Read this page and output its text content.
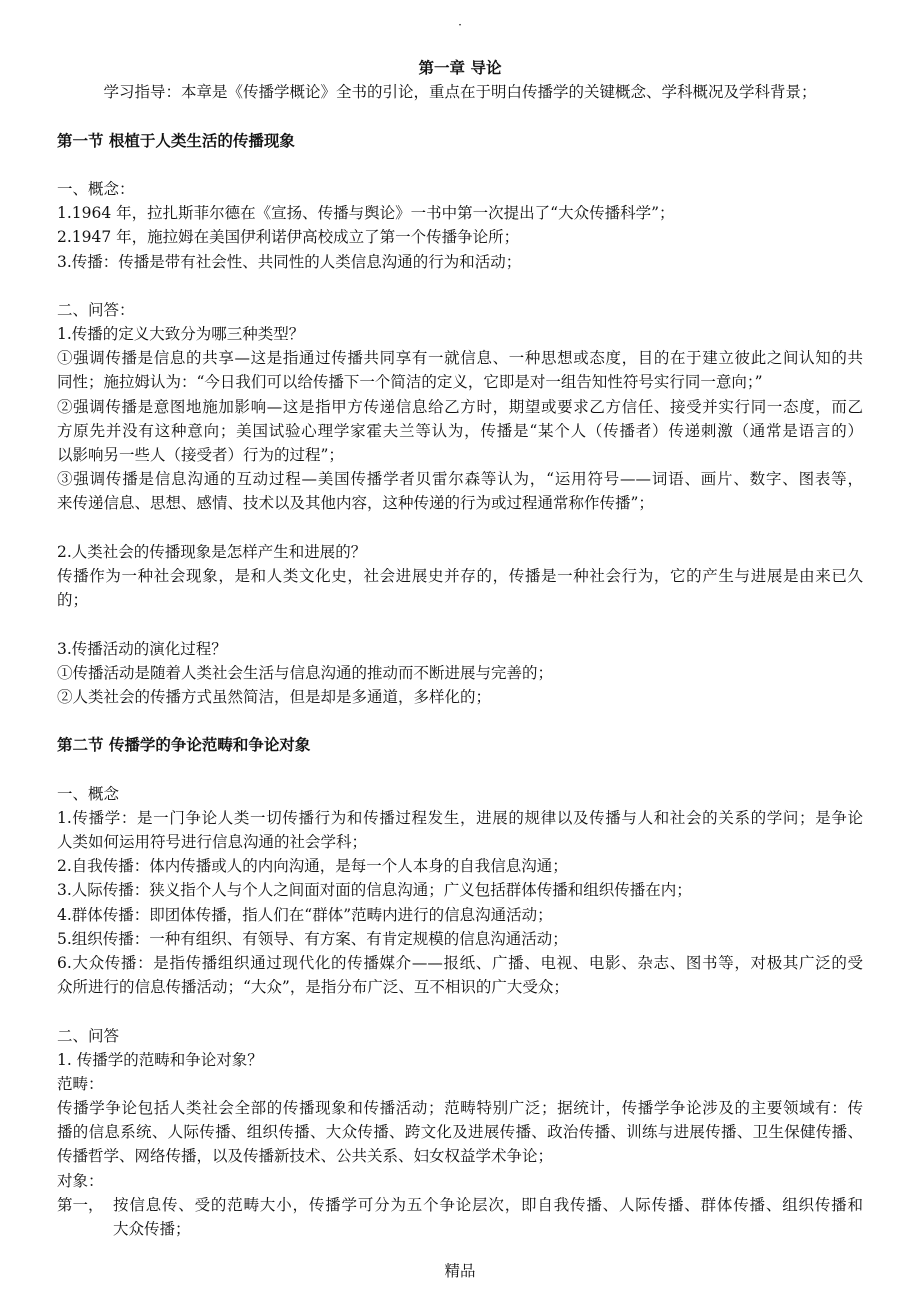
·
第一章 导论
学习指导：本章是《传播学概论》全书的引论，重点在于明白传播学的关键概念、学科概况及学科背景；
第一节 根植于人类生活的传播现象
一、概念：
1.1964 年，拉扎斯菲尔德在《宣扬、传播与舆论》一书中第一次提出了“大众传播科学”；
2.1947 年，施拉姆在美国伊利诺伊高校成立了第一个传播争论所；
3.传播：传播是带有社会性、共同性的人类信息沟通的行为和活动；
二、问答：
1.传播的定义大致分为哪三种类型？
①强调传播是信息的共享—这是指通过传播共同享有一就信息、一种思想或态度，目的在于建立彼此之间认知的共
同性；施拉姆认为：“今日我们可以给传播下一个简洁的定义，它即是对一组告知性符号实行同一意向；”
②强调传播是意图地施加影响—这是指甲方传递信息给乙方时，期望或要求乙方信任、接受并实行同一态度，而乙
方原先并没有这种意向；美国试验心理学家霍夫兰等认为，传播是“某个人（传播者）传递刺激（通常是语言的）
以影响另一些人（接受者）行为的过程”；
③强调传播是信息沟通的互动过程—美国传播学者贝雷尔森等认为，“运用符号——词语、画片、数字、图表等，
来传递信息、思想、感情、技术以及其他内容，这种传递的行为或过程通常称作传播”；
2.人类社会的传播现象是怎样产生和进展的？
传播作为一种社会现象，是和人类文化史，社会进展史并存的，传播是一种社会行为，它的产生与进展是由来已久
的；
3.传播活动的演化过程？
①传播活动是随着人类社会生活与信息沟通的推动而不断进展与完善的；
②人类社会的传播方式虽然简洁，但是却是多通道，多样化的；
第二节 传播学的争论范畴和争论对象
一、概念
1.传播学：是一门争论人类一切传播行为和传播过程发生，进展的规律以及传播与人和社会的关系的学问；是争论
人类如何运用符号进行信息沟通的社会学科；
2.自我传播：体内传播或人的内向沟通，是每一个人本身的自我信息沟通；
3.人际传播：狭义指个人与个人之间面对面的信息沟通；广义包括群体传播和组织传播在内；
4.群体传播：即团体传播，指人们在“群体”范畴内进行的信息沟通活动；
5.组织传播：一种有组织、有领导、有方案、有肯定规模的信息沟通活动；
6.大众传播：是指传播组织通过现代化的传播媒介——报纸、广播、电视、电影、杂志、图书等，对极其广泛的受
众所进行的信息传播活动；“大众”，是指分布广泛、互不相识的广大受众；
二、问答
1. 传播学的范畴和争论对象？
范畴：
传播学争论包括人类社会全部的传播现象和传播活动；范畴特别广泛；据统计，传播学争论涉及的主要领域有：传
播的信息系统、人际传播、组织传播、大众传播、跨文化及进展传播、政治传播、训练与进展传播、卫生保健传播、
传播哲学、网络传播，以及传播新技术、公共关系、妇女权益学术争论；
对象：
第一， 按信息传、受的范畴大小，传播学可分为五个争论层次，即自我传播、人际传播、群体传播、组织传播和
大众传播；
精品
